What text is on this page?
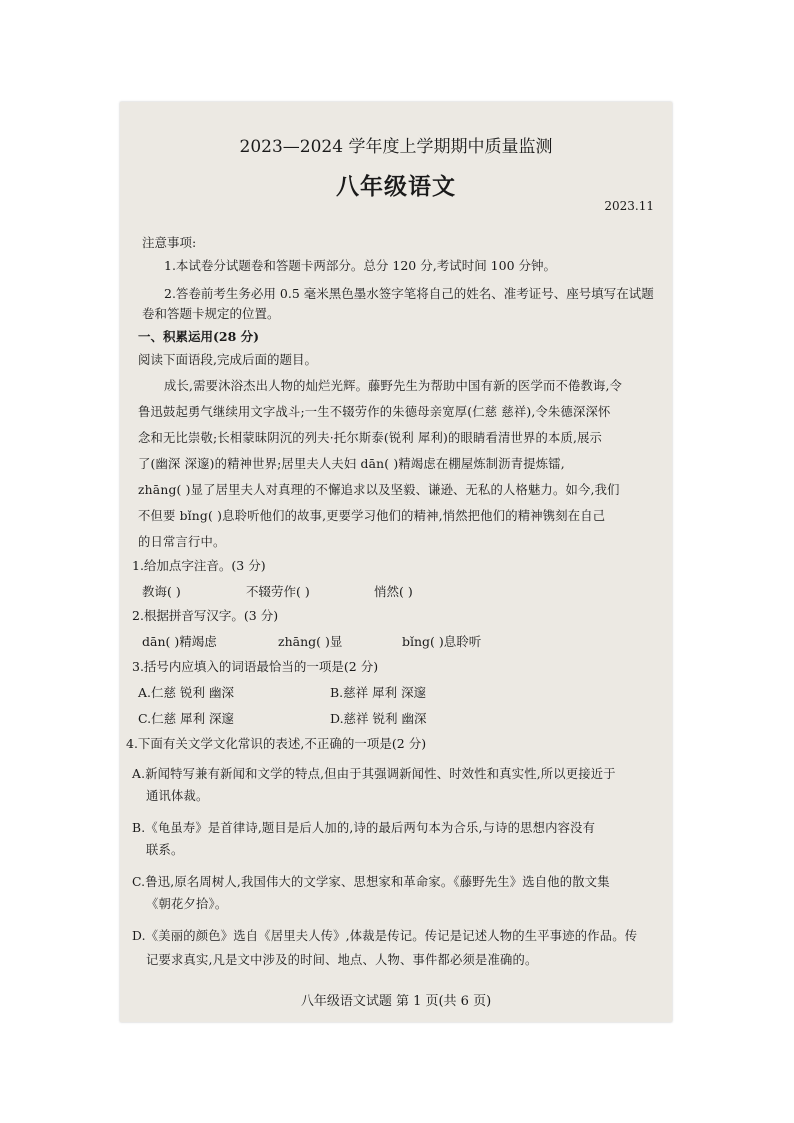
2023—2024 学年度上学期期中质量监测
八年级语文
2023.11
注意事项:
1.本试卷分试题卷和答题卡两部分。总分 120 分,考试时间 100 分钟。
2.答卷前考生务必用 0.5 毫米黑色墨水签字笔将自己的姓名、准考证号、座号填写在试题
卷和答题卡规定的位置。
一、积累运用(28 分)
阅读下面语段,完成后面的题目。
成长,需要沐浴杰出人物的灿烂光辉。藤野先生为帮助中国有新的医学而不倦教诲,令
鲁迅鼓起勇气继续用文字战斗;一生不辍劳作的朱德母亲宽厚(仁慈 慈祥),令朱德深深怀
念和无比崇敬;长相蒙昧阴沉的列夫·托尔斯泰(锐利 犀利)的眼睛看清世界的本质,展示
了(幽深 深邃)的精神世界;居里夫人夫妇 dān( )精竭虑在棚屋炼制沥青提炼镭,
zhāng( )显了居里夫人对真理的不懈追求以及坚毅、谦逊、无私的人格魅力。如今,我们
不但要 bǐng( )息聆听他们的故事,更要学习他们的精神,悄然把他们的精神镌刻在自己
的日常言行中。
1.给加点字注音。(3 分)
教诲( )	不辍劳作( )	悄然( )
2.根据拼音写汉字。(3 分)
dān( )精竭虑	zhāng( )显	bǐng( )息聆听
3.括号内应填入的词语最恰当的一项是(2 分)
A.仁慈 锐利 幽深	B.慈祥 犀利 深邃
C.仁慈 犀利 深邃	D.慈祥 锐利 幽深
4.下面有关文学文化常识的表述,不正确的一项是(2 分)
A.新闻特写兼有新闻和文学的特点,但由于其强调新闻性、时效性和真实性,所以更接近于
通讯体裁。
B.《龟虽寿》是首律诗,题目是后人加的,诗的最后两句本为合乐,与诗的思想内容没有
联系。
C.鲁迅,原名周树人,我国伟大的文学家、思想家和革命家。《藤野先生》选自他的散文集
《朝花夕拾》。
D.《美丽的颜色》选自《居里夫人传》,体裁是传记。传记是记述人物的生平事迹的作品。传
记要求真实,凡是文中涉及的时间、地点、人物、事件都必须是准确的。
八年级语文试题 第 1 页(共 6 页)
